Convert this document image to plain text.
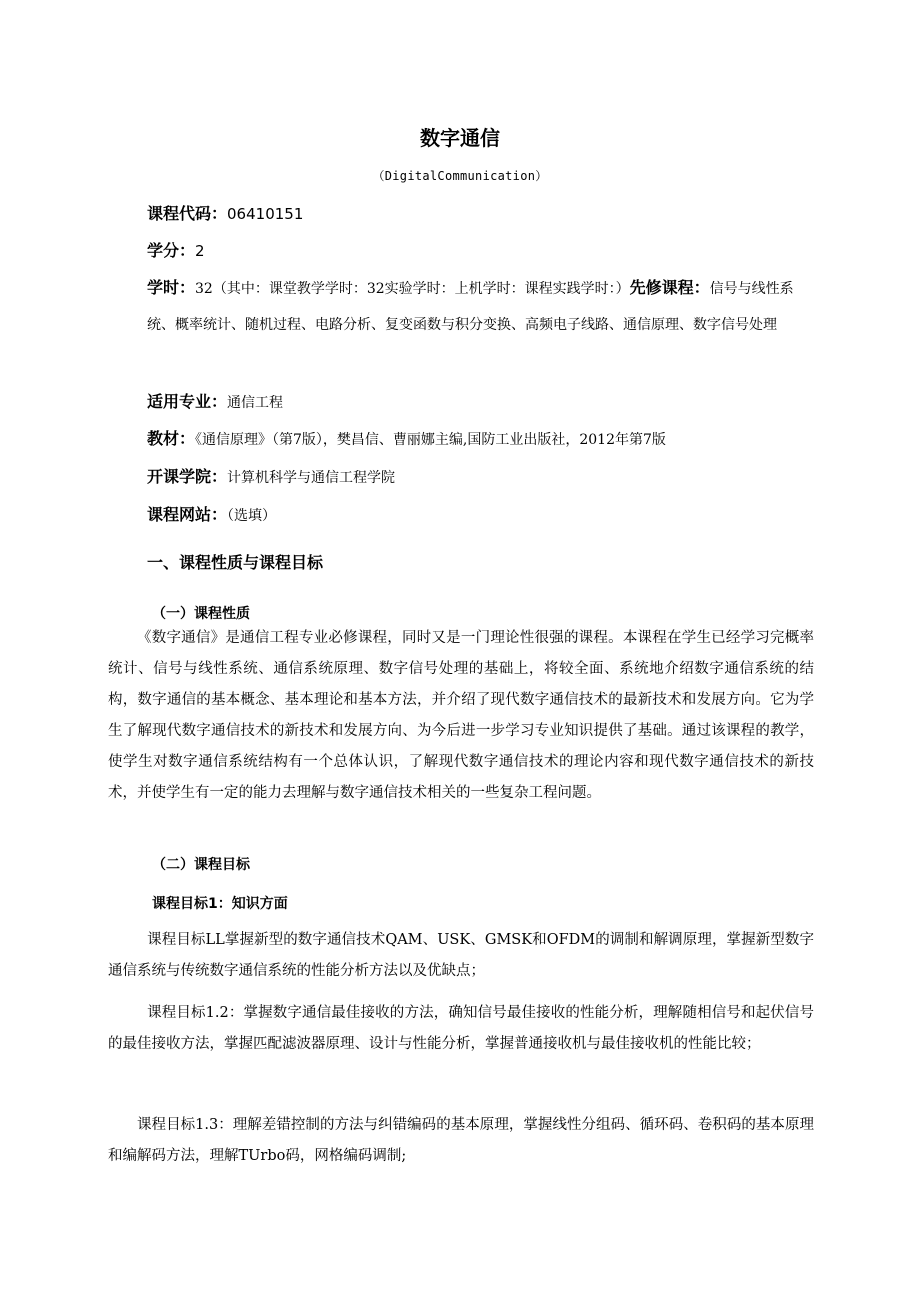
数字通信
（DigitalCommunication）
课程代码：06410151
学分：2
学时：32（其中：课堂教学学时：32实验学时：上机学时：课程实践学时：）先修课程：信号与线性系统、概率统计、随机过程、电路分析、复变函数与积分变换、高频电子线路、通信原理、数字信号处理
适用专业：通信工程
教材：《通信原理》（第7版），樊昌信、曹丽娜主编,国防工业出版社，2012年第7版
开课学院：计算机科学与通信工程学院
课程网站：（选填）
一、课程性质与课程目标
（一）课程性质
《数字通信》是通信工程专业必修课程，同时又是一门理论性很强的课程。本课程在学生已经学习完概率统计、信号与线性系统、通信系统原理、数字信号处理的基础上，将较全面、系统地介绍数字通信系统的结构，数字通信的基本概念、基本理论和基本方法，并介绍了现代数字通信技术的最新技术和发展方向。它为学生了解现代数字通信技术的新技术和发展方向、为今后进一步学习专业知识提供了基础。通过该课程的教学，使学生对数字通信系统结构有一个总体认识，了解现代数字通信技术的理论内容和现代数字通信技术的新技术，并使学生有一定的能力去理解与数字通信技术相关的一些复杂工程问题。
（二）课程目标
课程目标1：知识方面
课程目标LL掌握新型的数字通信技术QAM、USK、GMSK和OFDM的调制和解调原理，掌握新型数字通信系统与传统数字通信系统的性能分析方法以及优缺点；
课程目标1.2：掌握数字通信最佳接收的方法，确知信号最佳接收的性能分析，理解随相信号和起伏信号的最佳接收方法，掌握匹配滤波器原理、设计与性能分析，掌握普通接收机与最佳接收机的性能比较；
课程目标1.3：理解差错控制的方法与纠错编码的基本原理，掌握线性分组码、循环码、卷积码的基本原理和编解码方法，理解TUrbo码，网格编码调制;
